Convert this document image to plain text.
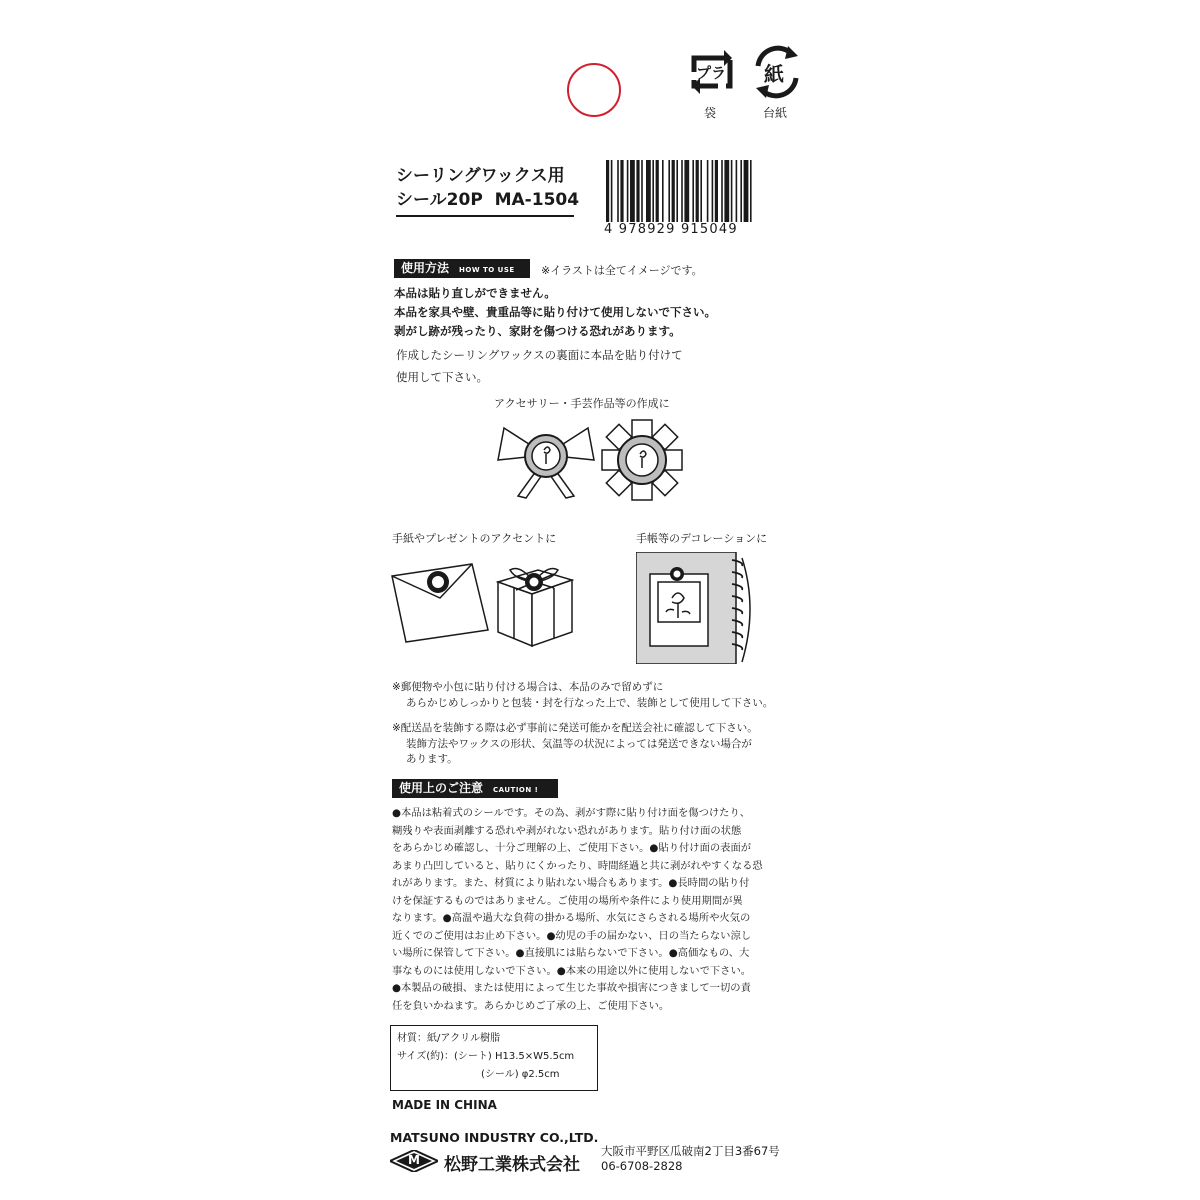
プラ 紙
袋	台紙
シーリングワックス用
シール20P  MA-1504
4 978929 915049
使用方法 HOW TO USE	※イラストは全てイメージです。
本品は貼り直しができません。
本品を家具や壁、貴重品等に貼り付けて使用しないで下さい。
剥がし跡が残ったり、家財を傷つける恐れがあります。
作成したシーリングワックスの裏面に本品を貼り付けて
使用して下さい。
アクセサリー・手芸作品等の作成に
手紙やプレゼントのアクセントに	手帳等のデコレーションに

※郵便物や小包に貼り付ける場合は、本品のみで留めずに

あらかじめしっかりと包装・封を行なった上で、装飾として使用して下さい。

※配送品を装飾する際は必ず事前に発送可能かを配送会社に確認して下さい。

装飾方法やワックスの形状、気温等の状況によっては発送できない場合が

あります。

使用上のご注意 CAUTION !

●本品は粘着式のシールです。その為、剥がす際に貼り付け面を傷つけたり、

糊残りや表面剥離する恐れや剥がれない恐れがあります。貼り付け面の状態

をあらかじめ確認し、十分ご理解の上、ご使用下さい。●貼り付け面の表面が

あまり凸凹していると、貼りにくかったり、時間経過と共に剥がれやすくなる恐

れがあります。また、材質により貼れない場合もあります。●長時間の貼り付

けを保証するものではありません。ご使用の場所や条件により使用期間が異

なります。●高温や過大な負荷の掛かる場所、水気にさらされる場所や火気の

近くでのご使用はお止め下さい。●幼児の手の届かない、日の当たらない涼し

い場所に保管して下さい。●直接肌には貼らないで下さい。●高価なもの、大

事なものには使用しないで下さい。●本来の用途以外に使用しないで下さい。

●本製品の破損、または使用によって生じた事故や損害につきまして一切の責

任を負いかねます。あらかじめご了承の上、ご使用下さい。

材質：紙/アクリル樹脂

サイズ(約)：(シート) H13.5×W5.5cm

(シール) φ2.5cm

MADE IN CHINA
MATSUNO INDUSTRY CO.,LTD.
M 松野工業株式会社
大阪市平野区瓜破南2丁目3番67号
06-6708-2828
